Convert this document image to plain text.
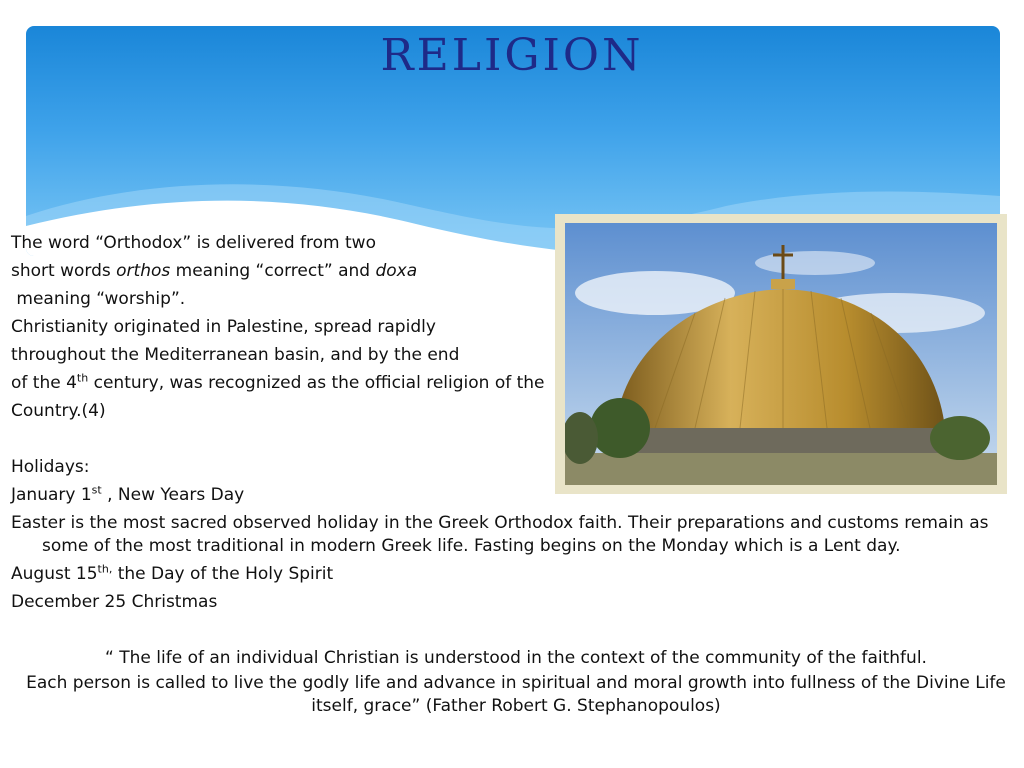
RELIGION

The word “Orthodox” is delivered from two

short words orthos meaning “correct” and doxa

meaning “worship”.

Christianity originated in Palestine, spread rapidly

throughout the Mediterranean basin, and by the end

of the 4th century, was recognized as the official religion of the

Country.(4)

Holidays:

January 1st , New Years Day

Easter is the most sacred observed holiday in the Greek Orthodox faith. Their preparations and customs remain as some of the most traditional in modern Greek life. Fasting begins on the Monday which is a Lent day.

August $15^{th,}$ the Day of the Holy Spirit

December 25 Christmas

“ The life of an individual Christian is understood in the context of the community of the faithful.

Each person is called to live the godly life and advance in spiritual and moral growth into fullness of the Divine Life itself, grace” (Father Robert G. Stephanopoulos)
